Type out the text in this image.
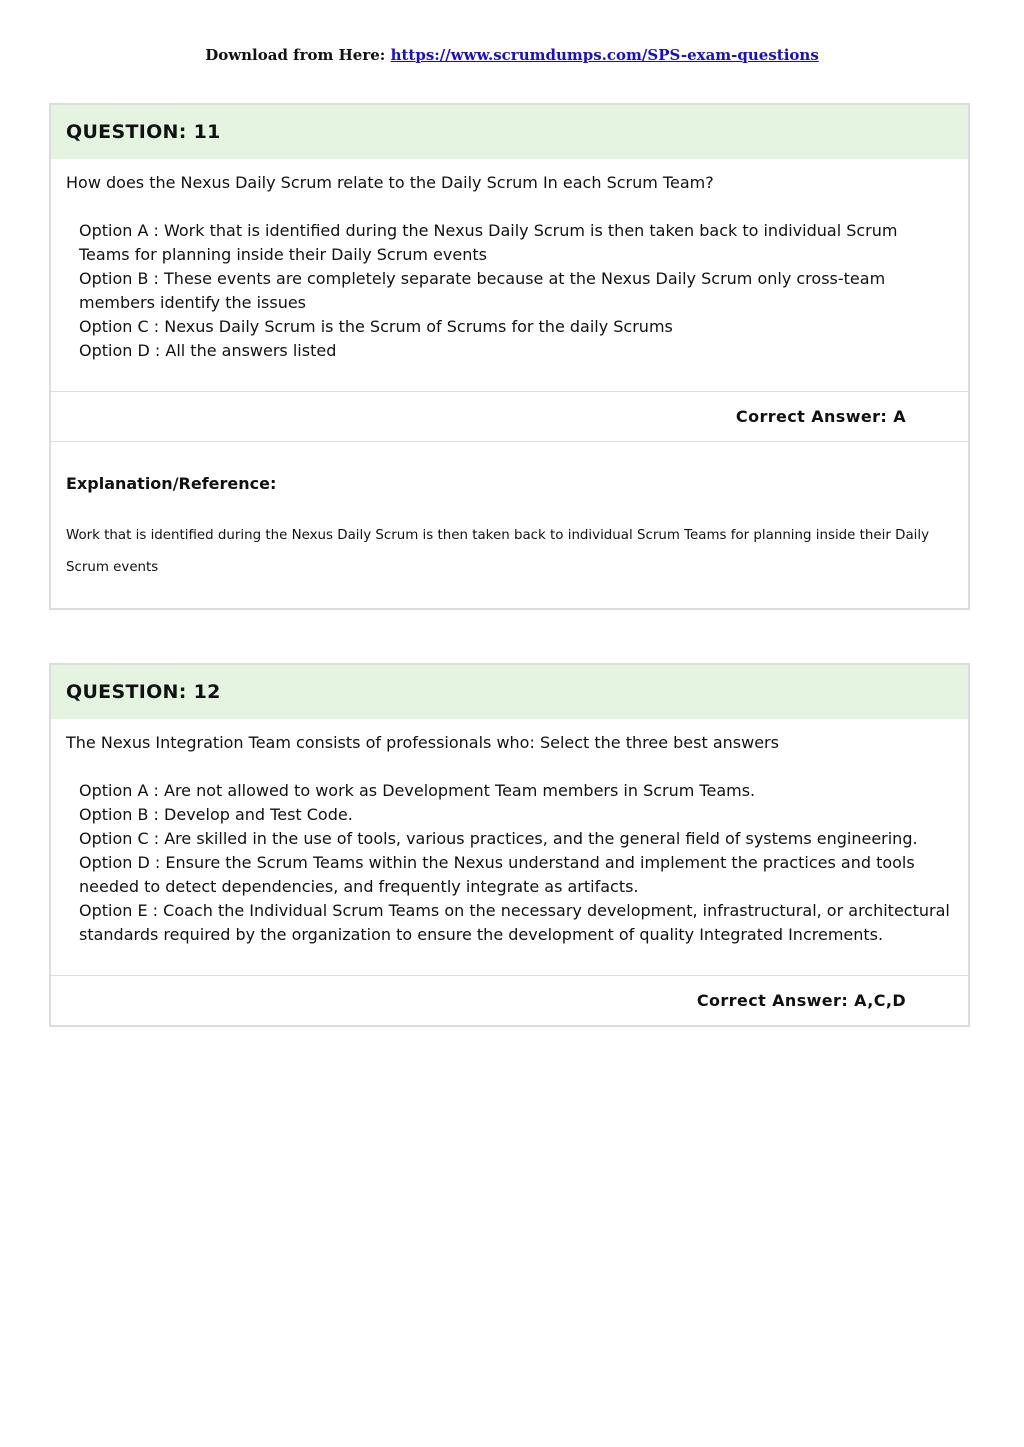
Download from Here: https://www.scrumdumps.com/SPS-exam-questions
QUESTION: 11

How does the Nexus Daily Scrum relate to the Daily Scrum In each Scrum Team?

Option A : Work that is identified during the Nexus Daily Scrum is then taken back to individual Scrum Teams for planning inside their Daily Scrum events

Option B : These events are completely separate because at the Nexus Daily Scrum only cross-team members identify the issues

Option C : Nexus Daily Scrum is the Scrum of Scrums for the daily Scrums

Option D : All the answers listed

Correct Answer: A
Explanation/Reference:
Work that is identified during the Nexus Daily Scrum is then taken back to individual Scrum Teams for planning inside their Daily Scrum events
QUESTION: 12

The Nexus Integration Team consists of professionals who: Select the three best answers

Option A : Are not allowed to work as Development Team members in Scrum Teams.

Option B : Develop and Test Code.

Option C : Are skilled in the use of tools, various practices, and the general field of systems engineering.

Option D : Ensure the Scrum Teams within the Nexus understand and implement the practices and tools needed to detect dependencies, and frequently integrate as artifacts.

Option E : Coach the Individual Scrum Teams on the necessary development, infrastructural, or architectural standards required by the organization to ensure the development of quality Integrated Increments.

Correct Answer: A,C,D
